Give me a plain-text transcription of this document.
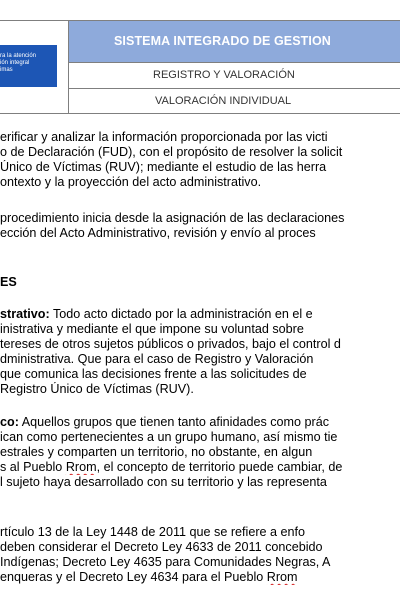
ra la atención
ión integral
imas
SISTEMA INTEGRADO DE GESTION
REGISTRO Y VALORACIÓN
VALORACIÓN INDIVIDUAL
erificar y analizar la información proporcionada por las victi
o de Declaración (FUD), con el propósito de resolver la solicit
Único de Víctimas (RUV); mediante el estudio de las herra
ontexto y la proyección del acto administrativo.
procedimiento inicia desde la asignación de las declaraciones
ección del Acto Administrativo, revisión y envío al proces
ES
strativo: Todo acto dictado por la administración en el e
inistrativa y mediante el que impone su voluntad sobre
tereses de otros sujetos públicos o privados, bajo el control d
dministrativa. Que para el caso de Registro y Valoración
que comunica las decisiones frente a las solicitudes de
Registro Único de Víctimas (RUV).
co: Aquellos grupos que tienen tanto afinidades como prác
ican como pertenecientes a un grupo humano, así mismo tie
estrales y comparten un territorio, no obstante, en algun
s al Pueblo Rrom, el concepto de territorio puede cambiar, de
l sujeto haya desarrollado con su territorio y las representa
rtículo 13 de la Ley 1448 de 2011 que se refiere a enfo
deben considerar el Decreto Ley 4633 de 2011 concebido
Indígenas; Decreto Ley 4635 para Comunidades Negras, A
enqueras y el Decreto Ley 4634 para el Pueblo Rrom
